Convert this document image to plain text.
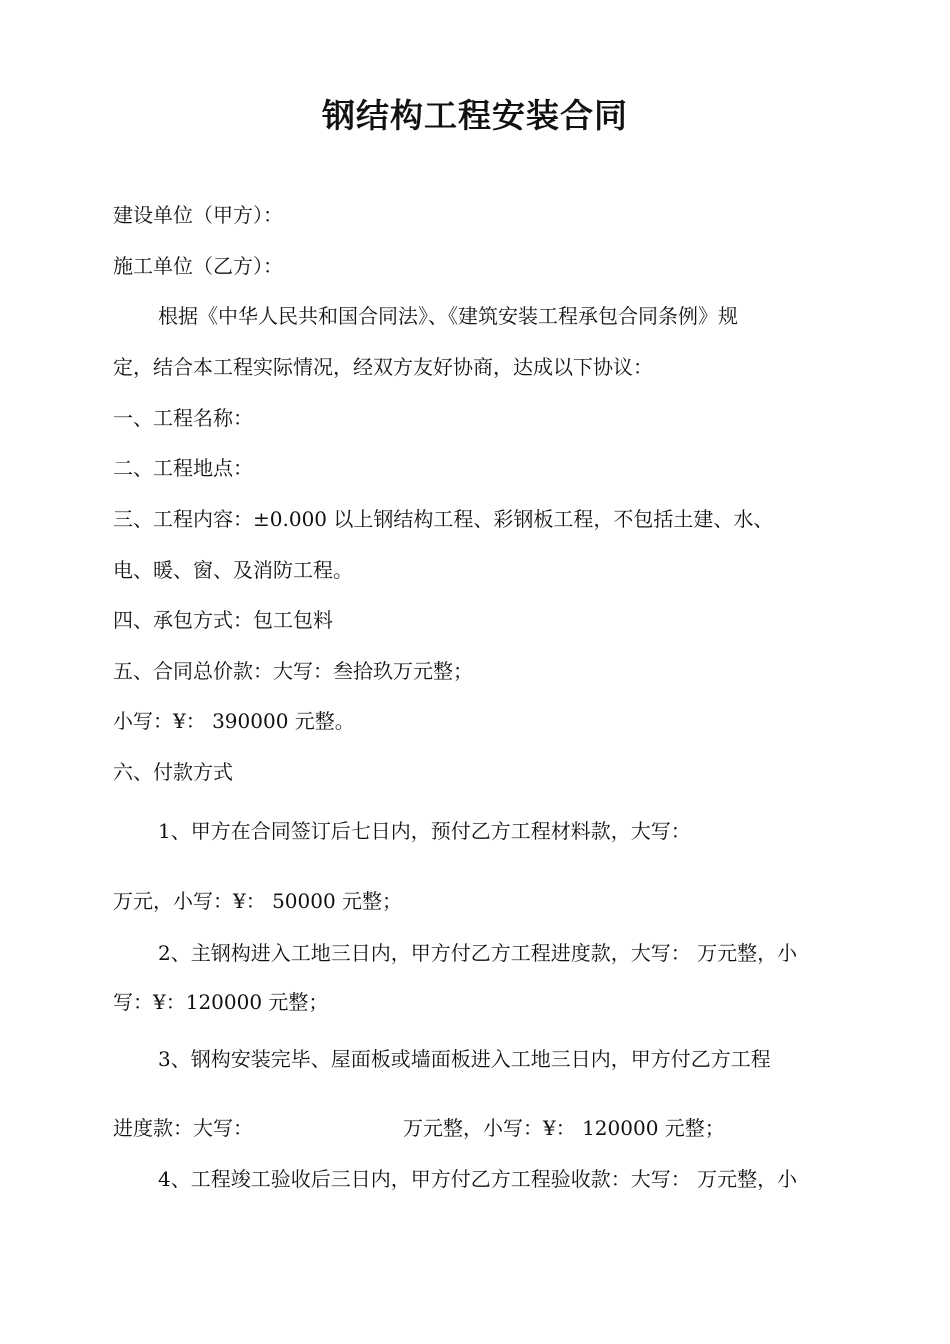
钢结构工程安装合同

建设单位（甲方）：

施工单位（乙方）：

根据《中华人民共和国合同法》、《建筑安装工程承包合同条例》规

定，结合本工程实际情况，经双方友好协商，达成以下协议：

一、工程名称：

二、工程地点：

三、工程内容：±0.000 以上钢结构工程、彩钢板工程，不包括土建、水、

电、暖、窗、及消防工程。

四、承包方式：包工包料

五、合同总价款：大写：叁拾玖万元整；

小写：¥： 390000 元整。

六、付款方式

1、甲方在合同签订后七日内，预付乙方工程材料款，大写：

万元，小写：¥： 50000 元整；

2、主钢构进入工地三日内，甲方付乙方工程进度款，大写： 万元整，小

写：¥：120000 元整；

3、钢构安装完毕、屋面板或墙面板进入工地三日内，甲方付乙方工程

进度款：大写：	万元整，小写：¥： 120000 元整；

4、工程竣工验收后三日内，甲方付乙方工程验收款：大写： 万元整，小
